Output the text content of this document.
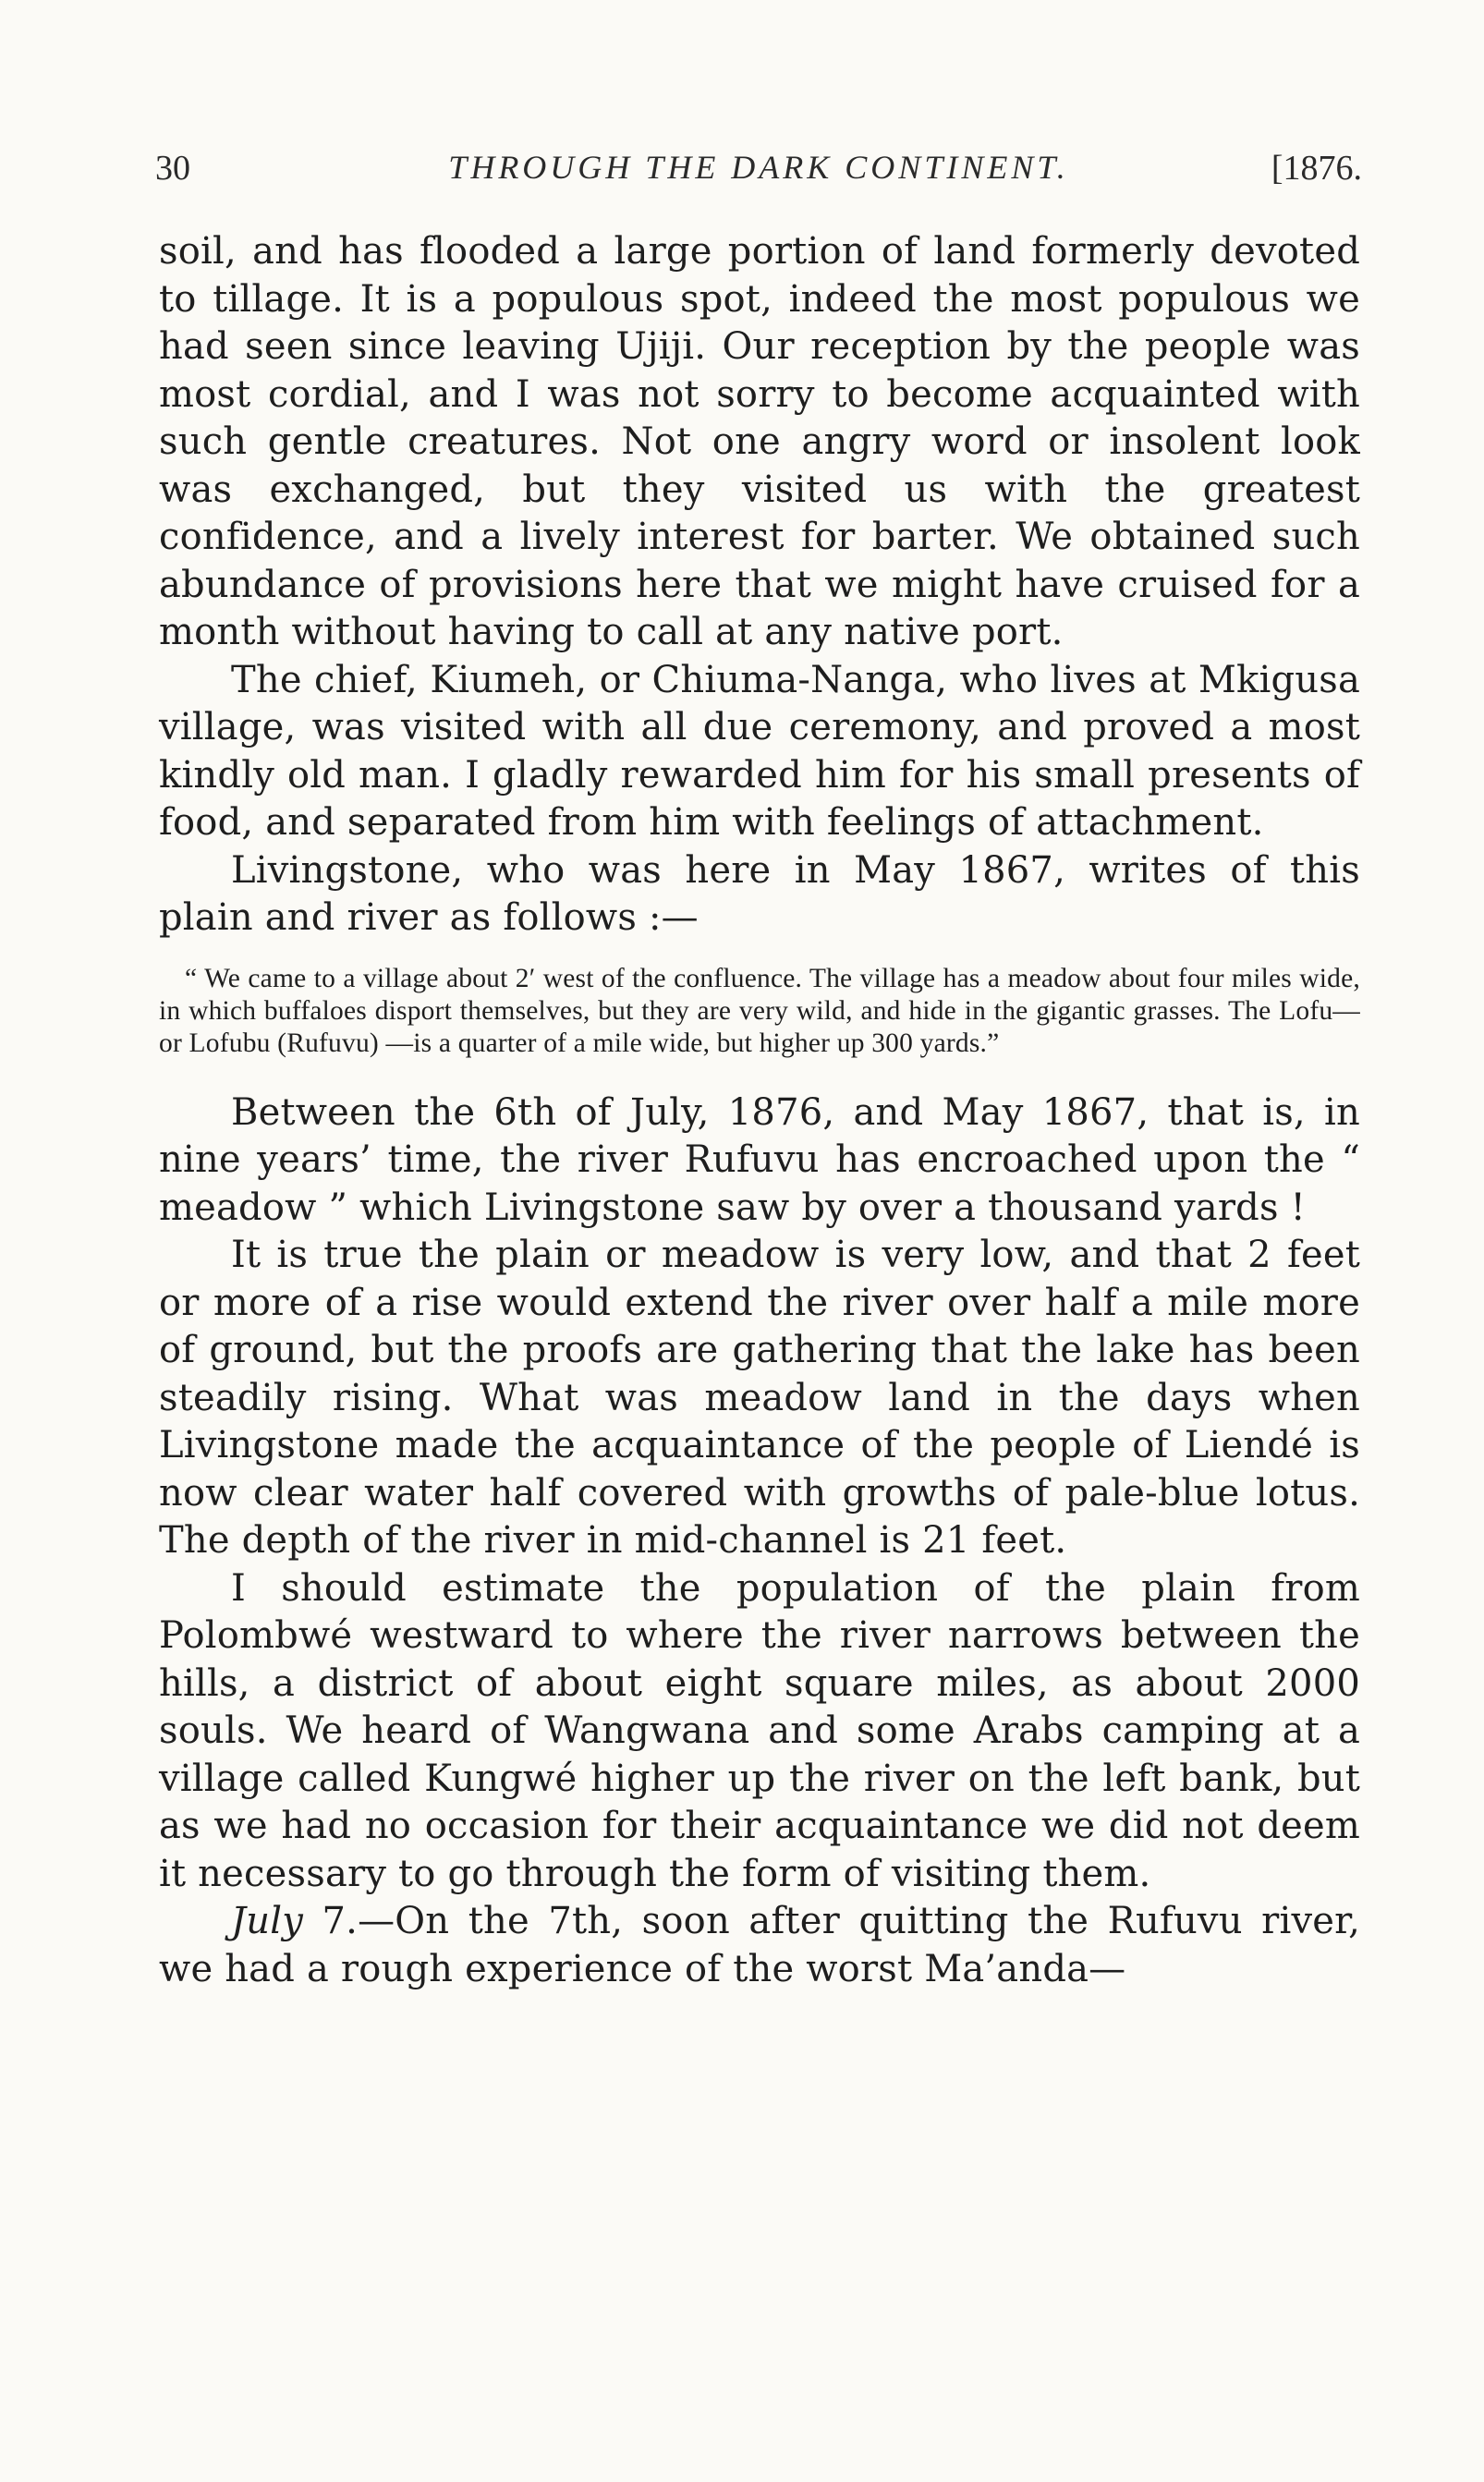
30	THROUGH THE DARK CONTINENT.	[1876.

soil, and has flooded a large portion of land formerly devoted to tillage. It is a populous spot, indeed the most populous we had seen since leaving Ujiji. Our reception by the people was most cordial, and I was not sorry to become acquainted with such gentle creatures. Not one angry word or insolent look was exchanged, but they visited us with the greatest confidence, and a lively interest for barter. We obtained such abundance of provisions here that we might have cruised for a month without having to call at any native port.

The chief, Kiumeh, or Chiuma-Nanga, who lives at Mkigusa village, was visited with all due ceremony, and proved a most kindly old man. I gladly rewarded him for his small presents of food, and separated from him with feelings of attachment.

Livingstone, who was here in May 1867, writes of this plain and river as follows :—

“ We came to a village about 2′ west of the confluence. The village has a meadow about four miles wide, in which buffaloes disport themselves, but they are very wild, and hide in the gigantic grasses. The Lofu—or Lofubu (Rufuvu) —is a quarter of a mile wide, but higher up 300 yards.”

Between the 6th of July, 1876, and May 1867, that is, in nine years’ time, the river Rufuvu has encroached upon the “ meadow ” which Livingstone saw by over a thousand yards !

It is true the plain or meadow is very low, and that 2 feet or more of a rise would extend the river over half a mile more of ground, but the proofs are gathering that the lake has been steadily rising. What was meadow land in the days when Livingstone made the acquaintance of the people of Liendé is now clear water half covered with growths of pale-blue lotus. The depth of the river in mid-channel is 21 feet.

I should estimate the population of the plain from Polombwé westward to where the river narrows between the hills, a district of about eight square miles, as about 2000 souls. We heard of Wangwana and some Arabs camping at a village called Kungwé higher up the river on the left bank, but as we had no occasion for their acquaintance we did not deem it necessary to go through the form of visiting them.

July 7.—On the 7th, soon after quitting the Rufuvu river, we had a rough experience of the worst Ma’anda—
